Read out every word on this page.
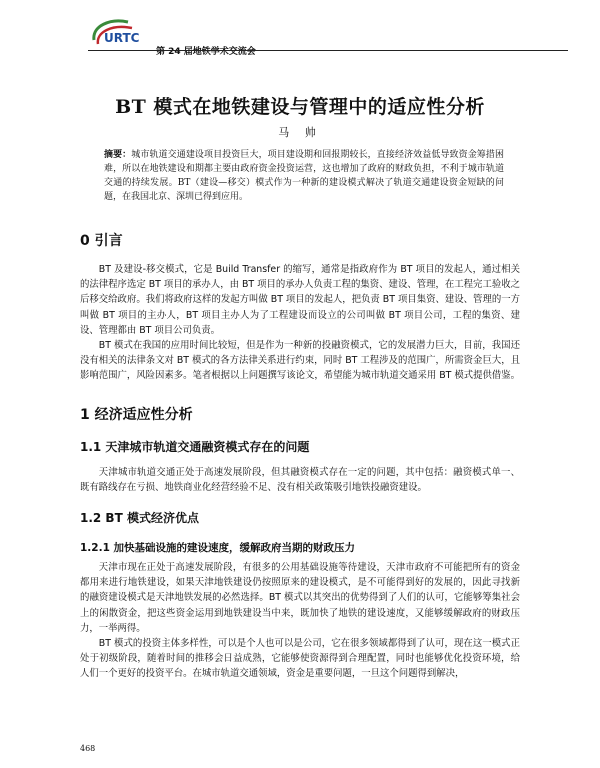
URTC
第 24 届地铁学术交流会
BT 模式在地铁建设与管理中的适应性分析
马 帅
摘要：城市轨道交通建设项目投资巨大，项目建设期和回报期较长，直接经济效益低导致资金筹措困难，所以在地铁建设和期都主要由政府资金投资运营，这也增加了政府的财政负担，不利于城市轨道交通的持续发展。BT（建设—移交）模式作为一种新的建设模式解决了轨道交通建设资金短缺的问题，在我国北京、深圳已得到应用。
0 引言

BT 及建设-移交模式，它是 Build Transfer 的缩写，通常是指政府作为 BT 项目的发起人，通过相关的法律程序选定 BT 项目的承办人，由 BT 项目的承办人负责工程的集资、建设、管理，在工程完工验收之后移交给政府。我们将政府这样的发起方叫做 BT 项目的发起人，把负责 BT 项目集资、建设、管理的一方叫做 BT 项目的主办人，BT 项目主办人为了工程建设而设立的公司叫做 BT 项目公司，工程的集资、建设、管理都由 BT 项目公司负责。

BT 模式在我国的应用时间比较短，但是作为一种新的投融资模式，它的发展潜力巨大，目前，我国还没有相关的法律条文对 BT 模式的各方法律关系进行约束，同时 BT 工程涉及的范围广，所需资金巨大，且影响范围广，风险因素多。笔者根据以上问题撰写该论文，希望能为城市轨道交通采用 BT 模式提供借鉴。

1 经济适应性分析
1.1 天津城市轨道交通融资模式存在的问题

天津城市轨道交通正处于高速发展阶段，但其融资模式存在一定的问题，其中包括：融资模式单一、既有路线存在亏损、地铁商业化经营经验不足、没有相关政策吸引地铁投融资建设。

1.2 BT 模式经济优点
1.2.1 加快基础设施的建设速度，缓解政府当期的财政压力

天津市现在正处于高速发展阶段，有很多的公用基础设施等待建设，天津市政府不可能把所有的资金都用来进行地铁建设，如果天津地铁建设仍按照原来的建设模式，是不可能得到好的发展的，因此寻找新的融资建设模式是天津地铁发展的必然选择。BT 模式以其突出的优势得到了人们的认可，它能够筹集社会上的闲散资金，把这些资金运用到地铁建设当中来，既加快了地铁的建设速度，又能够缓解政府的财政压力，一举两得。

BT 模式的投资主体多样性，可以是个人也可以是公司，它在很多领域都得到了认可，现在这一模式正处于初级阶段，随着时间的推移会日益成熟，它能够使资源得到合理配置，同时也能够优化投资环境，给人们一个更好的投资平台。在城市轨道交通领域，资金是重要问题，一旦这个问题得到解决，

468
